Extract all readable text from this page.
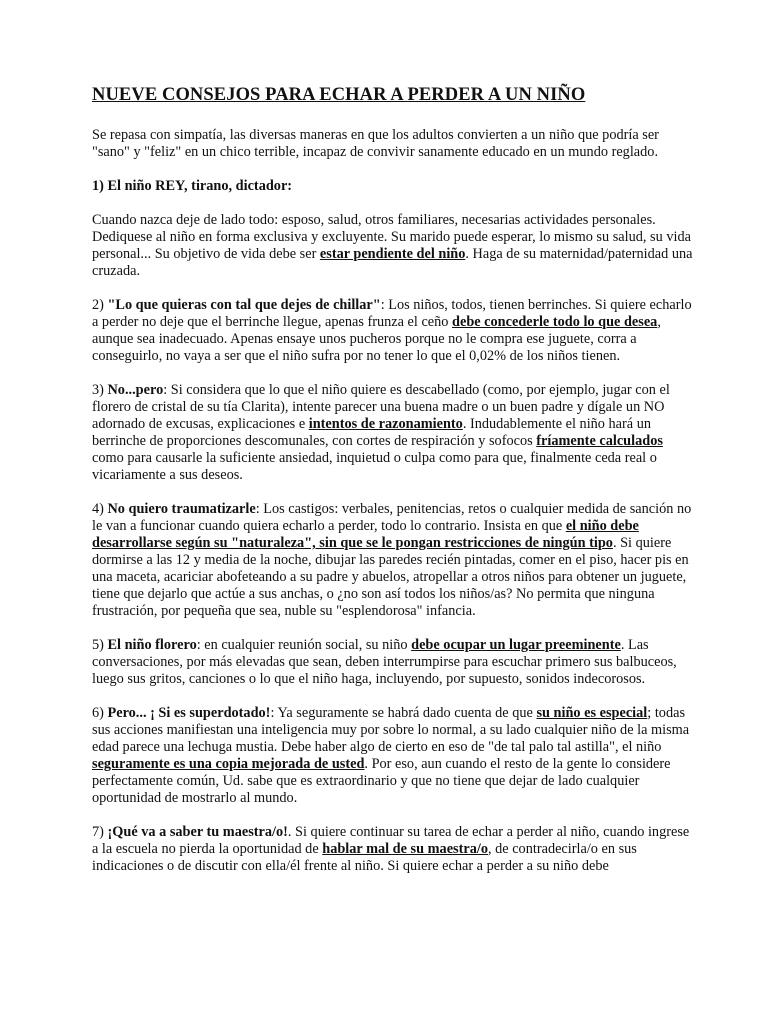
NUEVE CONSEJOS PARA ECHAR A PERDER A UN NIÑO

Se repasa con simpatía, las diversas maneras en que los adultos convierten a un niño que podría ser "sano" y "feliz" en un chico terrible, incapaz de convivir sanamente educado en un mundo reglado.

1) El niño REY, tirano, dictador:

Cuando nazca deje de lado todo: esposo, salud, otros familiares, necesarias actividades personales. Dediquese al niño en forma exclusiva y excluyente. Su marido puede esperar, lo mismo su salud, su vida personal... Su objetivo de vida debe ser estar pendiente del niño. Haga de su maternidad/paternidad una cruzada.

2) "Lo que quieras con tal que dejes de chillar": Los niños, todos, tienen berrinches. Si quiere echarlo a perder no deje que el berrinche llegue, apenas frunza el ceño debe concederle todo lo que desea, aunque sea inadecuado. Apenas ensaye unos pucheros porque no le compra ese juguete, corra a conseguirlo, no vaya a ser que el niño sufra por no tener lo que el 0,02% de los niños tienen.

3) No...pero: Si considera que lo que el niño quiere es descabellado (como, por ejemplo, jugar con el florero de cristal de su tía Clarita), intente parecer una buena madre o un buen padre y dígale un NO adornado de excusas, explicaciones e intentos de razonamiento. Indudablemente el niño hará un berrinche de proporciones descomunales, con cortes de respiración y sofocos fríamente calculados como para causarle la suficiente ansiedad, inquietud o culpa como para que, finalmente ceda real o vicariamente a sus deseos.

4) No quiero traumatizarle: Los castigos: verbales, penitencias, retos o cualquier medida de sanción no le van a funcionar cuando quiera echarlo a perder, todo lo contrario. Insista en que el niño debe desarrollarse según su "naturaleza", sin que se le pongan restricciones de ningún tipo. Si quiere dormirse a las 12 y media de la noche, dibujar las paredes recién pintadas, comer en el piso, hacer pis en una maceta, acariciar abofeteando a su padre y abuelos, atropellar a otros niños para obtener un juguete, tiene que dejarlo que actúe a sus anchas, o ¿no son así todos los niños/as? No permita que ninguna frustración, por pequeña que sea, nuble su "esplendorosa" infancia.

5) El niño florero: en cualquier reunión social, su niño debe ocupar un lugar preeminente. Las conversaciones, por más elevadas que sean, deben interrumpirse para escuchar primero sus balbuceos, luego sus gritos, canciones o lo que el niño haga, incluyendo, por supuesto, sonidos indecorosos.

6) Pero... ¡ Si es superdotado!: Ya seguramente se habrá dado cuenta de que su niño es especial; todas sus acciones manifiestan una inteligencia muy por sobre lo normal, a su lado cualquier niño de la misma edad parece una lechuga mustia. Debe haber algo de cierto en eso de "de tal palo tal astilla", el niño seguramente es una copia mejorada de usted. Por eso, aun cuando el resto de la gente lo considere perfectamente común, Ud. sabe que es extraordinario y que no tiene que dejar de lado cualquier oportunidad de mostrarlo al mundo.

7) ¡Qué va a saber tu maestra/o!. Si quiere continuar su tarea de echar a perder al niño, cuando ingrese a la escuela no pierda la oportunidad de hablar mal de su maestra/o, de contradecirla/o en sus indicaciones o de discutir con ella/él frente al niño. Si quiere echar a perder a su niño debe
